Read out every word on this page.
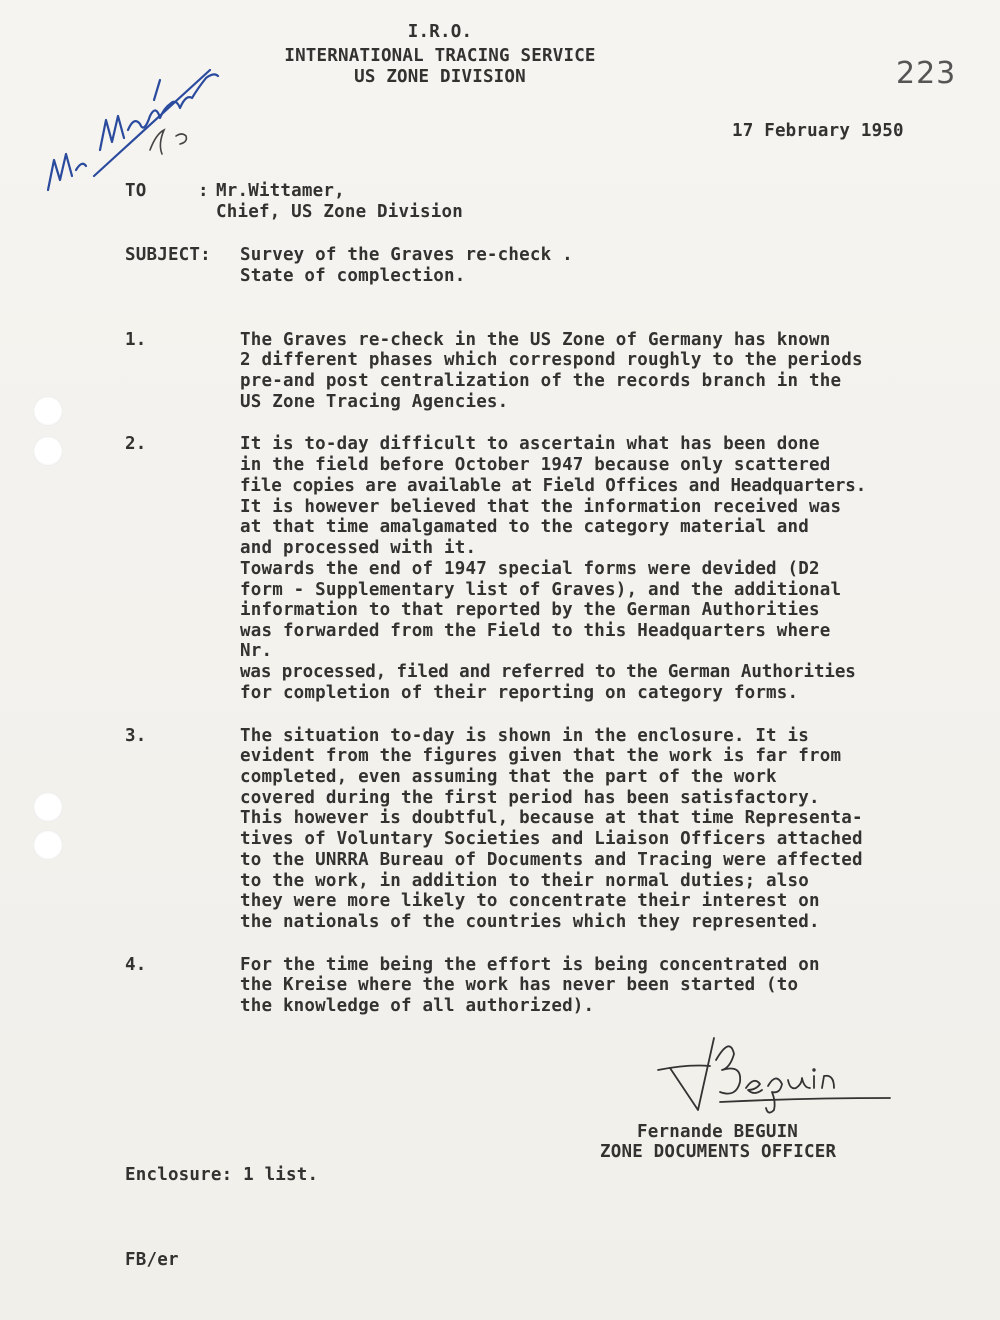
I.R.O.
INTERNATIONAL TRACING SERVICE
US ZONE DIVISION	223
17 February 1950
TO	: Mr.Wittamer,
Chief, US Zone Division
SUBJECT: Survey of the Graves re-check .
State of complection.
1.	The Graves re-check in the US Zone of Germany has known
2 different phases which correspond roughly to the periods
pre-and post centralization of the records branch in the
US Zone Tracing Agencies.
2.	It is to-day difficult to ascertain what has been done
in the field before October 1947 because only scattered
file copies are available at Field Offices and Headquarters.
It is however believed that the information received was
at that time amalgamated to the category material and
and processed with it.
Towards the end of 1947 special forms were devided (D2
form - Supplementary list of Graves), and the additional
information to that reported by the German Authorities
was forwarded from the Field to this Headquarters where
Nr.
was processed, filed and referred to the German Authorities
for completion of their reporting on category forms.
3.	The situation to-day is shown in the enclosure. It is
evident from the figures given that the work is far from
completed, even assuming that the part of the work
covered during the first period has been satisfactory.
This however is doubtful, because at that time Representa-
tives of Voluntary Societies and Liaison Officers attached
to the UNRRA Bureau of Documents and Tracing were affected
to the work, in addition to their normal duties; also
they were more likely to concentrate their interest on
the nationals of the countries which they represented.
4.	For the time being the effort is being concentrated on
the Kreise where the work has never been started (to
the knowledge of all authorized).
Fernande BEGUIN
ZONE DOCUMENTS OFFICER
Enclosure: 1 list.
FB/er
